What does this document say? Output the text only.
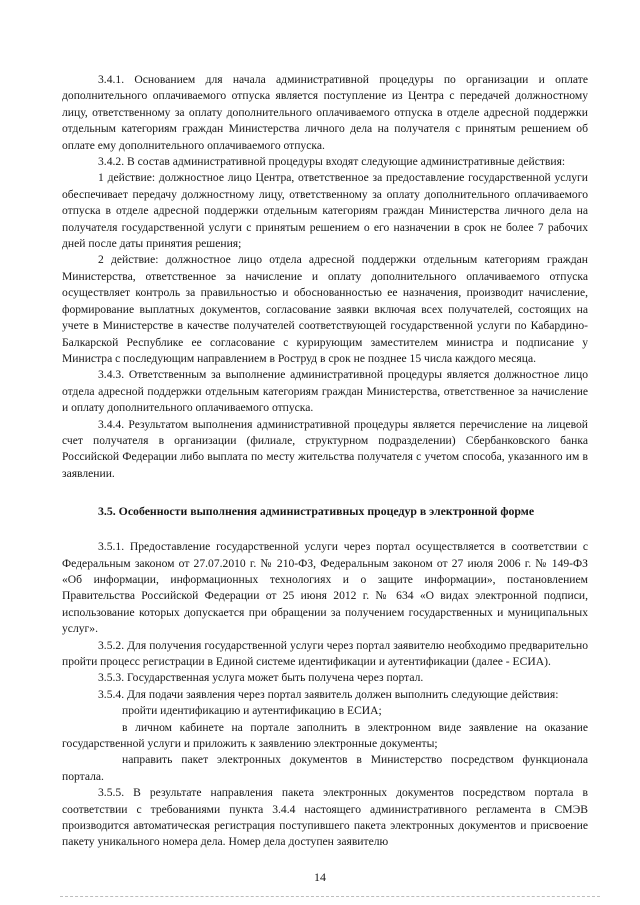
3.4.1. Основанием для начала административной процедуры по организации и оплате дополнительного оплачиваемого отпуска является поступление из Центра с передачей должностному лицу, ответственному за оплату дополнительного оплачиваемого отпуска в отделе адресной поддержки отдельным категориям граждан Министерства личного дела на получателя с принятым решением об оплате ему дополнительного оплачиваемого отпуска.

3.4.2. В состав административной процедуры входят следующие административные действия:

1 действие: должностное лицо Центра, ответственное за предоставление государственной услуги обеспечивает передачу должностному лицу, ответственному за оплату дополнительного оплачиваемого отпуска в отделе адресной поддержки отдельным категориям граждан Министерства личного дела на получателя государственной услуги с принятым решением о его назначении в срок не более 7 рабочих дней после даты принятия решения;

2 действие: должностное лицо отдела адресной поддержки отдельным категориям граждан Министерства, ответственное за начисление и оплату дополнительного оплачиваемого отпуска осуществляет контроль за правильностью и обоснованностью ее назначения, производит начисление, формирование выплатных документов, согласование заявки включая всех получателей, состоящих на учете в Министерстве в качестве получателей соответствующей государственной услуги по Кабардино-Балкарской Республике ее согласование с курирующим заместителем министра и подписание у Министра с последующим направлением в Роструд в срок не позднее 15 числа каждого месяца.

3.4.3. Ответственным за выполнение административной процедуры является должностное лицо отдела адресной поддержки отдельным категориям граждан Министерства, ответственное за начисление и оплату дополнительного оплачиваемого отпуска.

3.4.4. Результатом выполнения административной процедуры является перечисление на лицевой счет получателя в организации (филиале, структурном подразделении) Сбербанковского банка Российской Федерации либо выплата по месту жительства получателя с учетом способа, указанного им в заявлении.

3.5. Особенности выполнения административных процедур в электронной форме

3.5.1. Предоставление государственной услуги через портал осуществляется в соответствии с Федеральным законом от 27.07.2010 г. № 210-ФЗ, Федеральным законом от 27 июля 2006 г. № 149-ФЗ «Об информации, информационных технологиях и о защите информации», постановлением Правительства Российской Федерации от 25 июня 2012 г. № 634 «О видах электронной подписи, использование которых допускается при обращении за получением государственных и муниципальных услуг».

3.5.2. Для получения государственной услуги через портал заявителю необходимо предварительно пройти процесс регистрации в Единой системе идентификации и аутентификации (далее - ЕСИА).

3.5.3. Государственная услуга может быть получена через портал.

3.5.4. Для подачи заявления через портал заявитель должен выполнить следующие действия:

пройти идентификацию и аутентификацию в ЕСИА;

в личном кабинете на портале заполнить в электронном виде заявление на оказание государственной услуги и приложить к заявлению электронные документы;

направить пакет электронных документов в Министерство посредством функционала портала.

3.5.5. В результате направления пакета электронных документов посредством портала в соответствии с требованиями пункта 3.4.4 настоящего административного регламента в СМЭВ производится автоматическая регистрация поступившего пакета электронных документов и присвоение пакету уникального номера дела. Номер дела доступен заявителю

14
